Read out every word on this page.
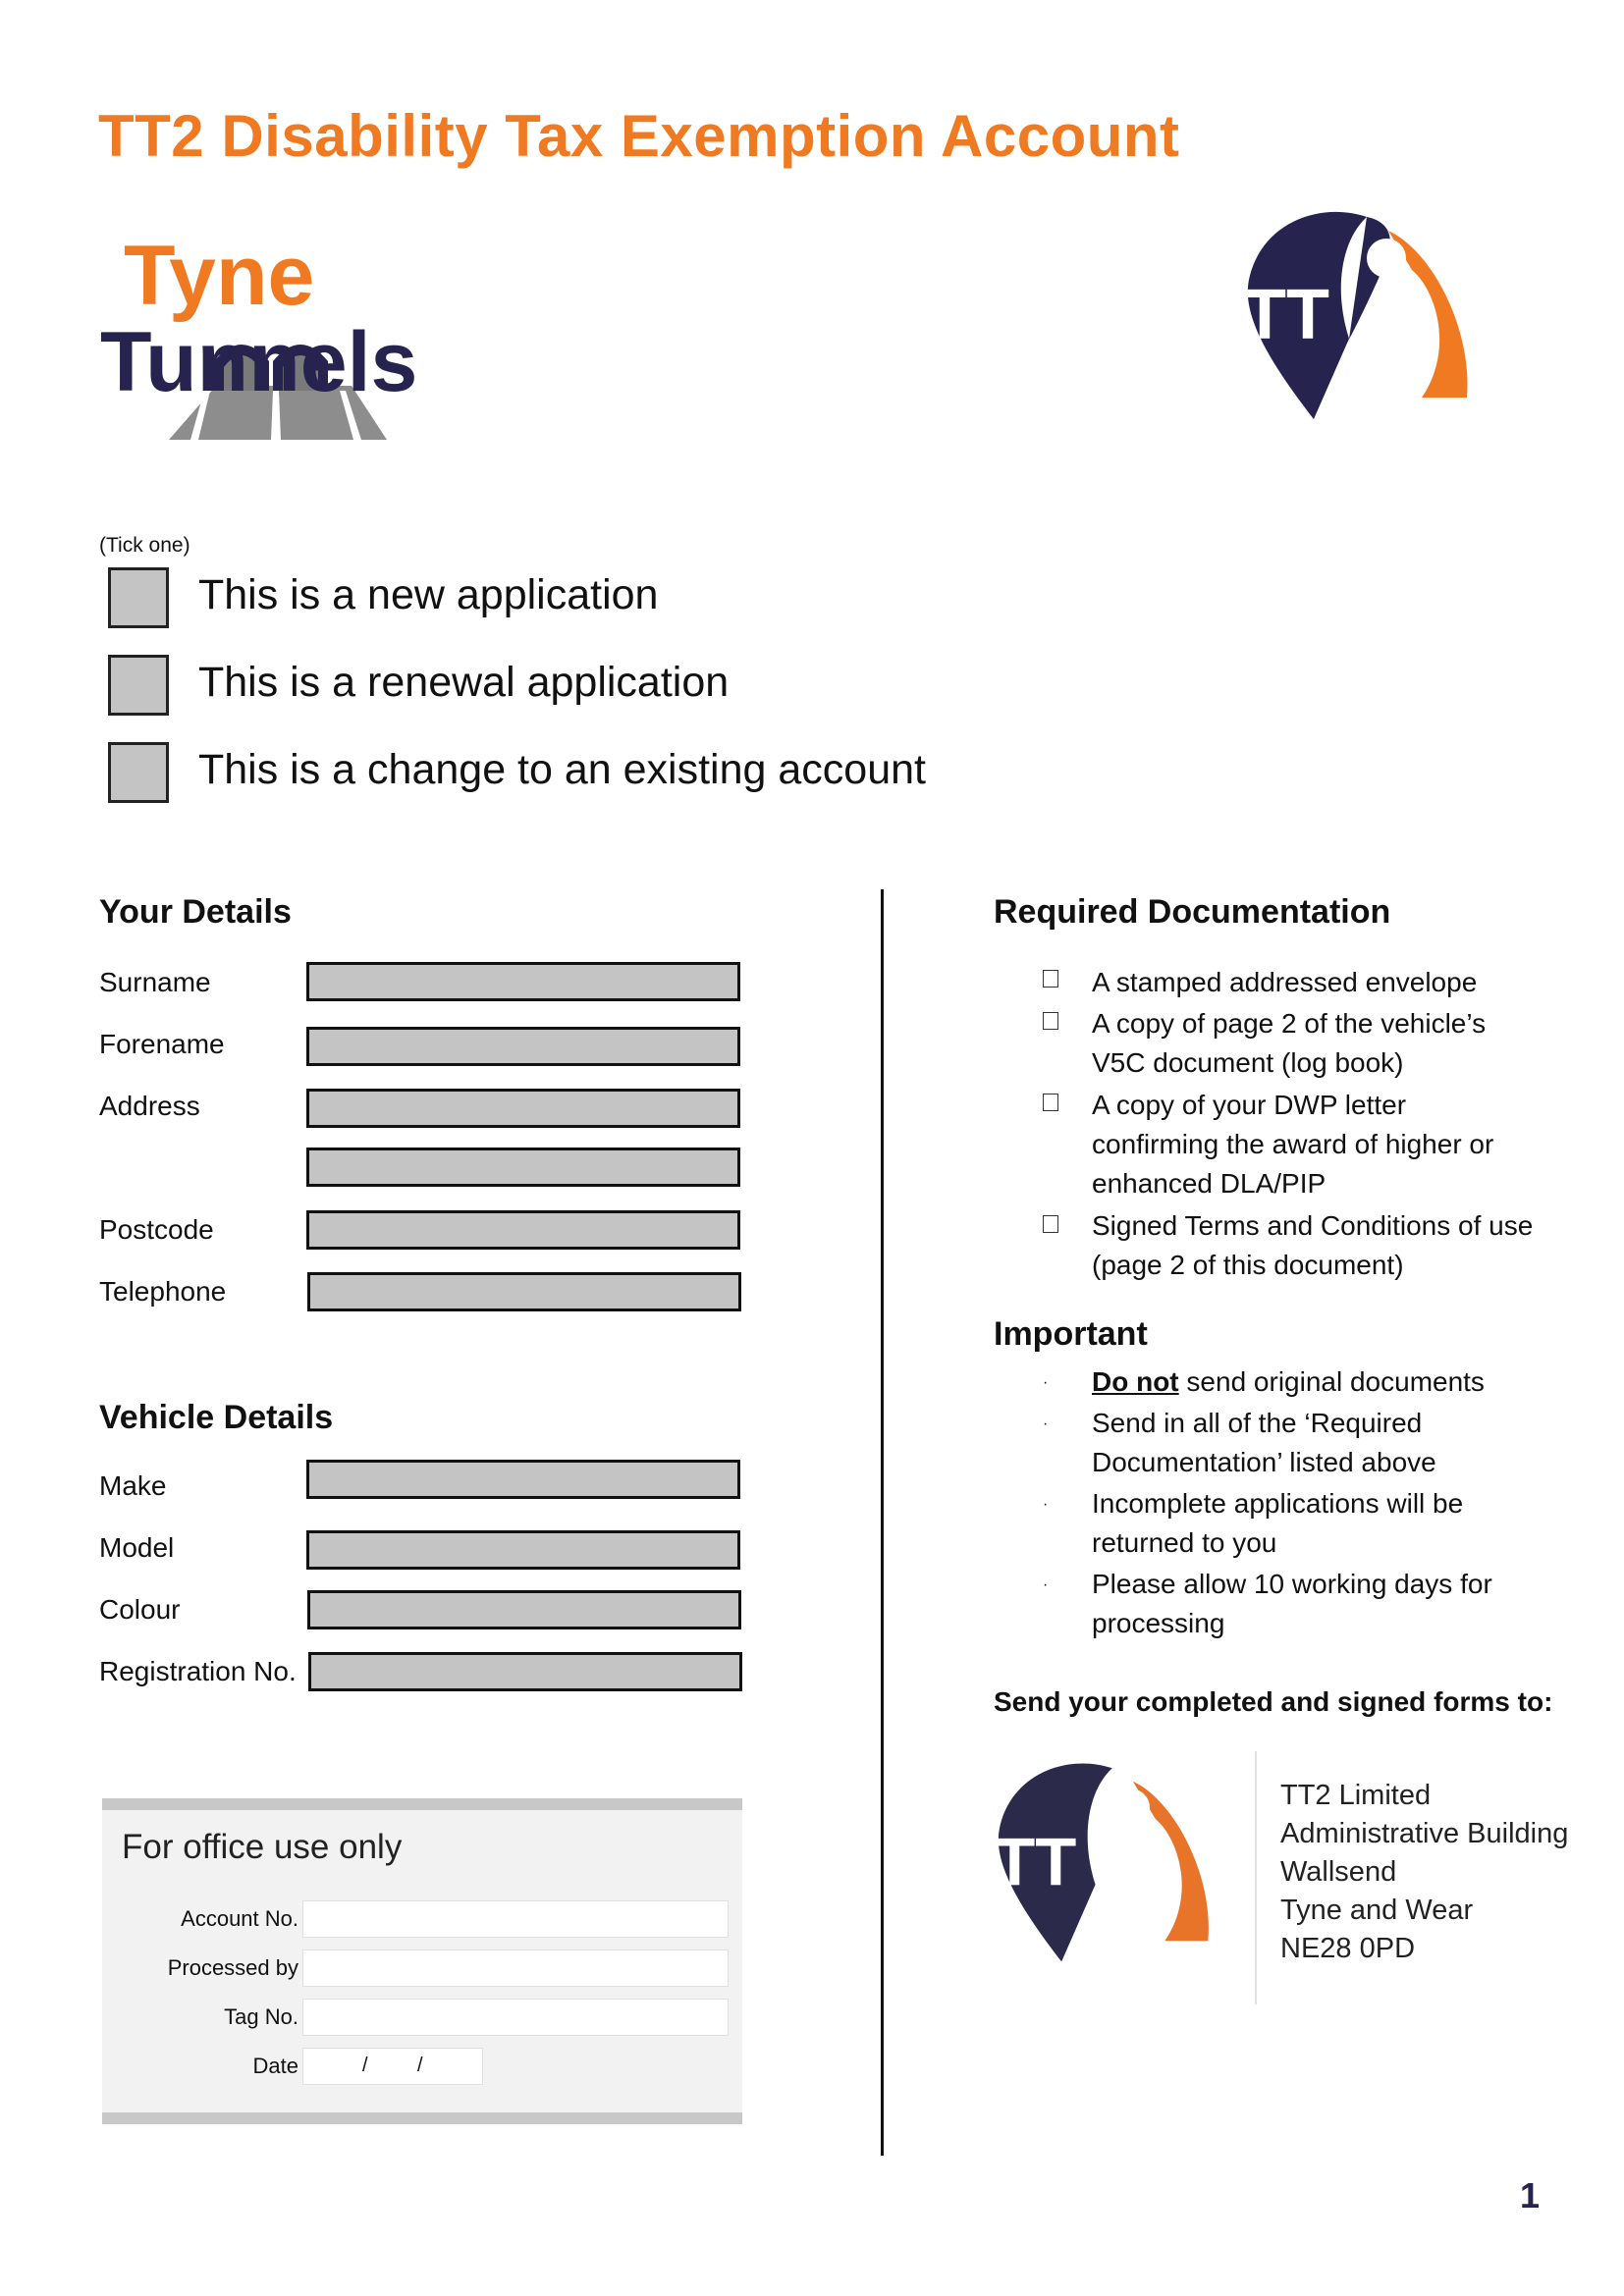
TT2 Disability Tax Exemption Account
Tyne
Tunnels	TT
2
(Tick one)
This is a new application
This is a renewal application
This is a change to an existing account
Your Details
Surname
Forename
Address
Postcode
Telephone
Vehicle Details
Make
Model
Colour
Registration No.
For office use only
Account No.
Processed by
Tag No.
Date	/	/
Required Documentation
A stamped addressed envelope
A copy of page 2 of the vehicle’s V5C document (log book)
A copy of your DWP letter confirming the award of higher or enhanced DLA/PIP
Signed Terms and Conditions of use (page 2 of this document)
Important
· Do not send original documents
· Send in all of the ‘Required Documentation’ listed above
· Incomplete applications will be returned to you
· Please allow 10 working days for processing
Send your completed and signed forms to:
TT
TT2 Limited
Administrative Building
Wallsend
Tyne and Wear
NE28 0PD
1
